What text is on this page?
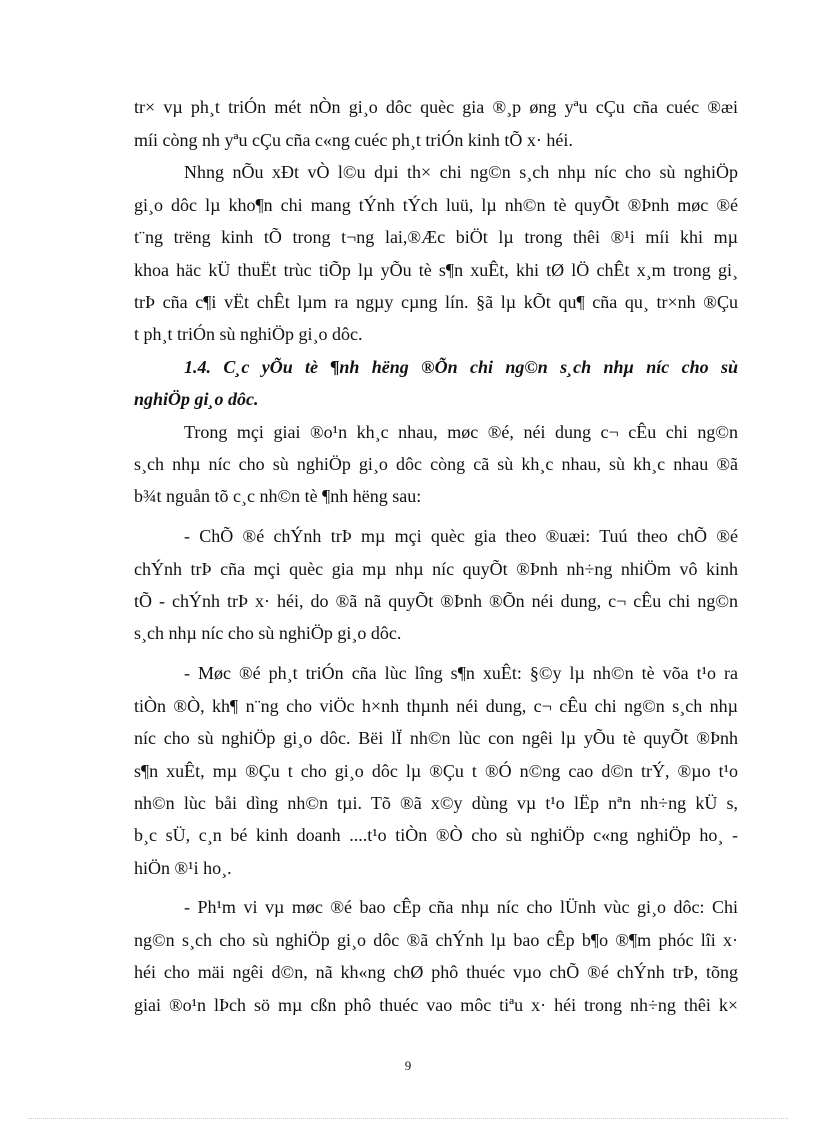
tr× vµ ph¸t triÓn mét nÒn gi¸o dôc quèc gia ®¸p øng yªu cÇu cña cuéc ®æi
míi còng nh yªu cÇu cña c«ng cuéc ph¸t triÓn kinh tÕ x· héi.
Nhng nÕu xÐt vÒ l©u dµi th× chi ng©n s¸ch nhµ níc cho sù nghiÖp
gi¸o dôc lµ kho¶n chi mang tÝnh tÝch luü, lµ nh©n tè quyÕt ®Þnh møc ®é
t¨ng trëng kinh tÕ trong t¬ng lai,®Æc biÖt lµ trong thêi ®¹i míi khi mµ
khoa häc kÜ thuËt trùc tiÕp lµ yÕu tè s¶n xuÊt, khi tØ lÖ chÊt x¸m trong gi¸
trÞ cña c¶i vËt chÊt lµm ra ngµy cµng lín. §ã lµ kÕt qu¶ cña qu¸ tr×nh ®Çu
t ph¸t triÓn sù nghiÖp gi¸o dôc.
1.4. C¸c yÕu tè ¶nh hëng ®Õn chi ng©n s¸ch nhµ níc cho sù
nghiÖp gi¸o dôc.
Trong mçi giai ®o¹n kh¸c nhau, møc ®é, néi dung c¬ cÊu chi ng©n
s¸ch nhµ níc cho sù nghiÖp gi¸o dôc còng cã sù kh¸c nhau, sù kh¸c nhau ®ã
b¾t nguån tõ c¸c nh©n tè ¶nh hëng sau:
- ChÕ ®é chÝnh trÞ mµ mçi quèc gia theo ®uæi: Tuú theo chÕ ®é
chÝnh trÞ cña mçi quèc gia mµ nhµ níc quyÕt ®Þnh nh÷ng nhiÖm vô kinh
tÕ - chÝnh trÞ x· héi, do ®ã nã quyÕt ®Þnh ®Õn néi dung, c¬ cÊu chi ng©n
s¸ch nhµ níc cho sù nghiÖp gi¸o dôc.
- Møc ®é ph¸t triÓn cña lùc lîng s¶n xuÊt: §©y lµ nh©n tè võa t¹o ra
tiÒn ®Ò, kh¶ n¨ng cho viÖc h×nh thµnh néi dung, c¬ cÊu chi ng©n s¸ch nhµ
níc cho sù nghiÖp gi¸o dôc. Bëi lÏ nh©n lùc con ngêi lµ yÕu tè quyÕt ®Þnh
s¶n xuÊt, mµ ®Çu t cho gi¸o dôc lµ ®Çu t ®Ó n©ng cao d©n trÝ, ®µo t¹o
nh©n lùc båi dìng nh©n tµi. Tõ ®ã x©y dùng vµ t¹o lËp nªn nh÷ng kÜ s,
b¸c sÜ, c¸n bé kinh doanh ....t¹o tiÒn ®Ò cho sù nghiÖp c«ng nghiÖp ho¸ -
hiÖn ®¹i ho¸.
- Ph¹m vi vµ møc ®é bao cÊp cña nhµ níc cho lÜnh vùc gi¸o dôc: Chi
ng©n s¸ch cho sù nghiÖp gi¸o dôc ®ã chÝnh lµ bao cÊp b¶o ®¶m phóc lîi x·
héi cho mäi ngêi d©n, nã kh«ng chØ phô thuéc vµo chÕ ®é chÝnh trÞ, tõng
giai ®o¹n lÞch sö mµ cßn phô thuéc vao môc tiªu x· héi trong nh÷ng thêi k×
9
